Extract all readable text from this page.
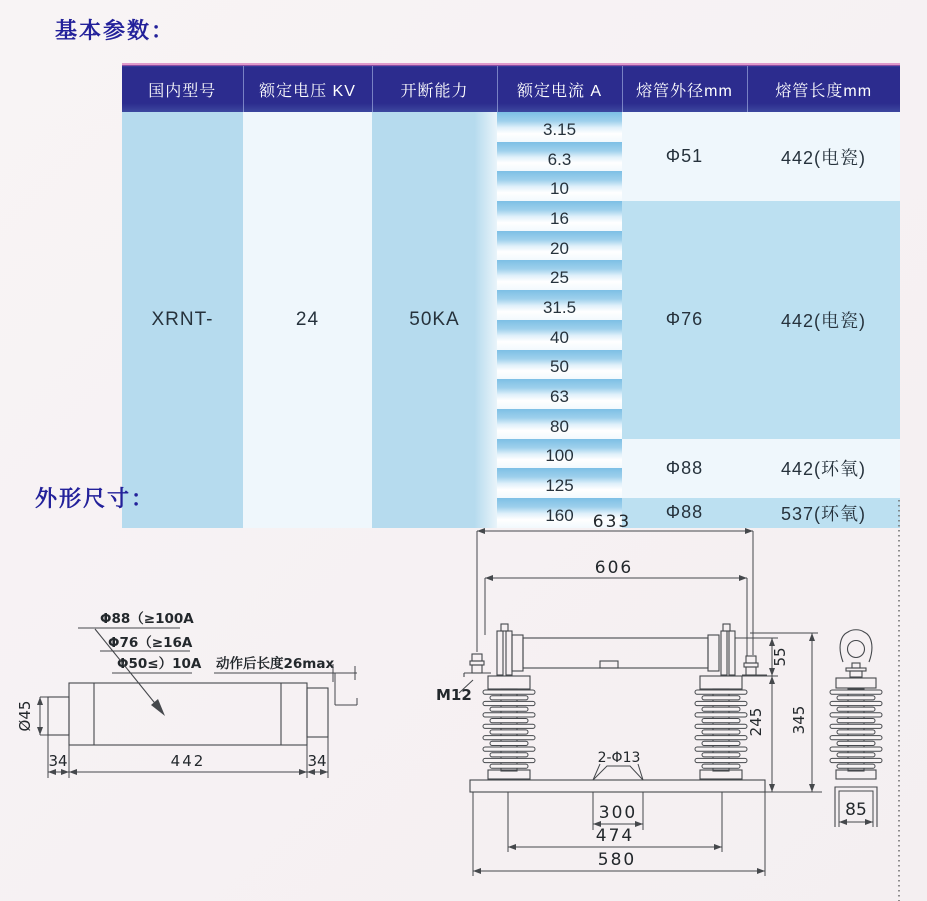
基本参数：
国内型号	额定电压 KV	开断能力	额定电流 A	熔管外径mm	熔管长度mm
XRNT-	24	50KA	3.15	Φ51	442(电瓷)
			6.3		
			10		
			16	Φ76	442(电瓷)
			20		
			25		
			31.5		
			40		
			50		
			63		
			80		
			100	Φ88	442(环氧)
			125		
			160	Φ88	537(环氧)
外形尺寸：
Φ88（≥100A
Φ76（≥16A
Φ50≤）10A 动作后长度26max
Ø45
34	442	34
633
606
M12
2-Φ13
300
474
580
55
245 345
85
